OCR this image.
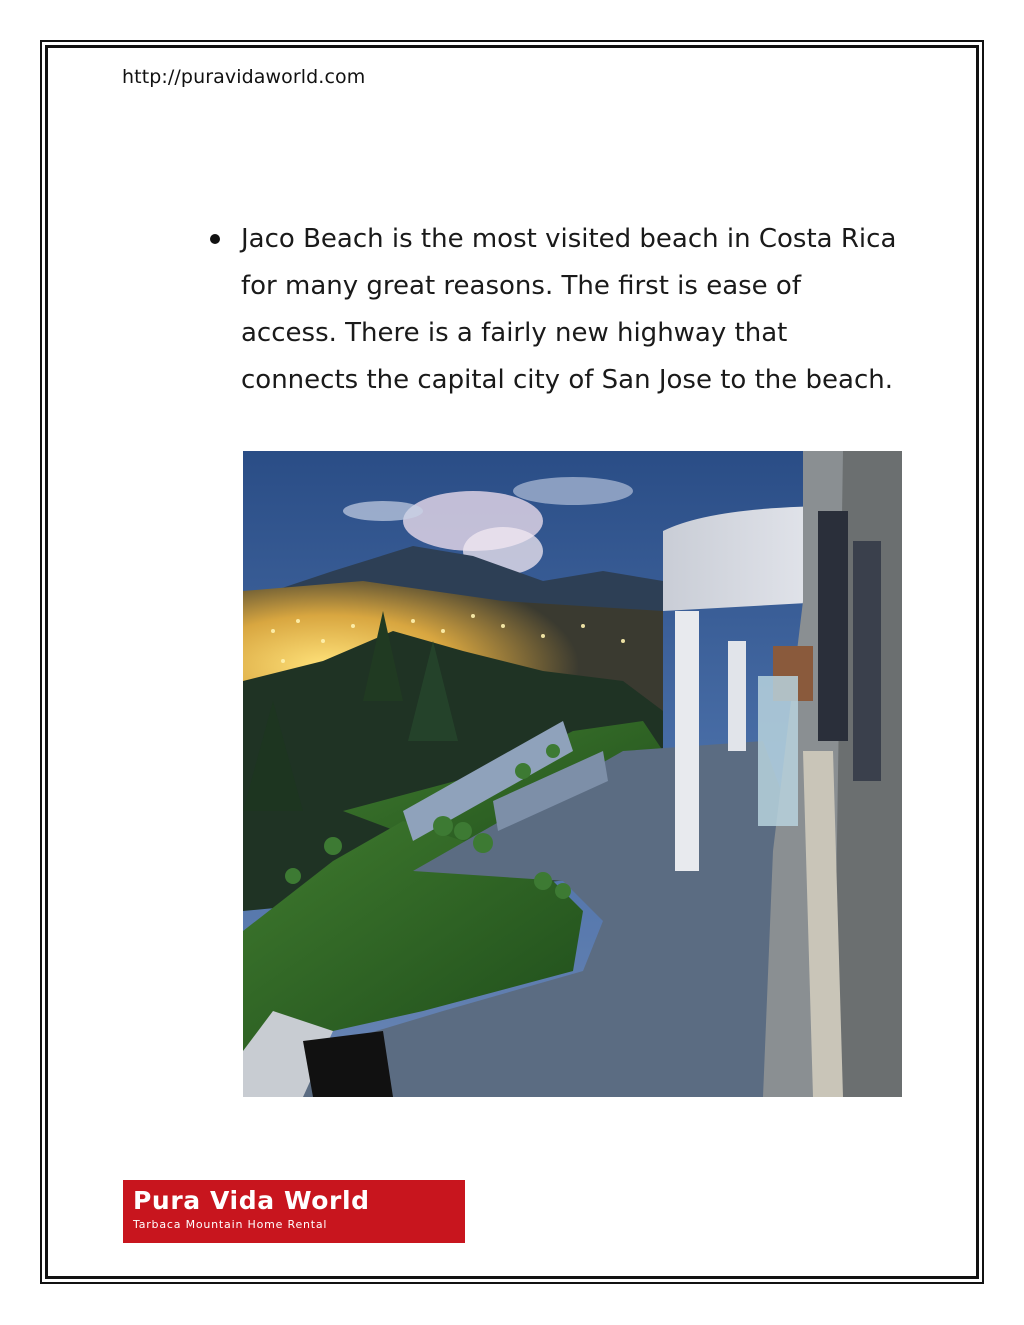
http://puravidaworld.com

Jaco Beach is the most visited beach in Costa Rica for many great reasons. The first is ease of access. There is a fairly new highway that connects the capital city of San Jose to the beach.

Pura Vida World
Tarbaca Mountain Home Rental
